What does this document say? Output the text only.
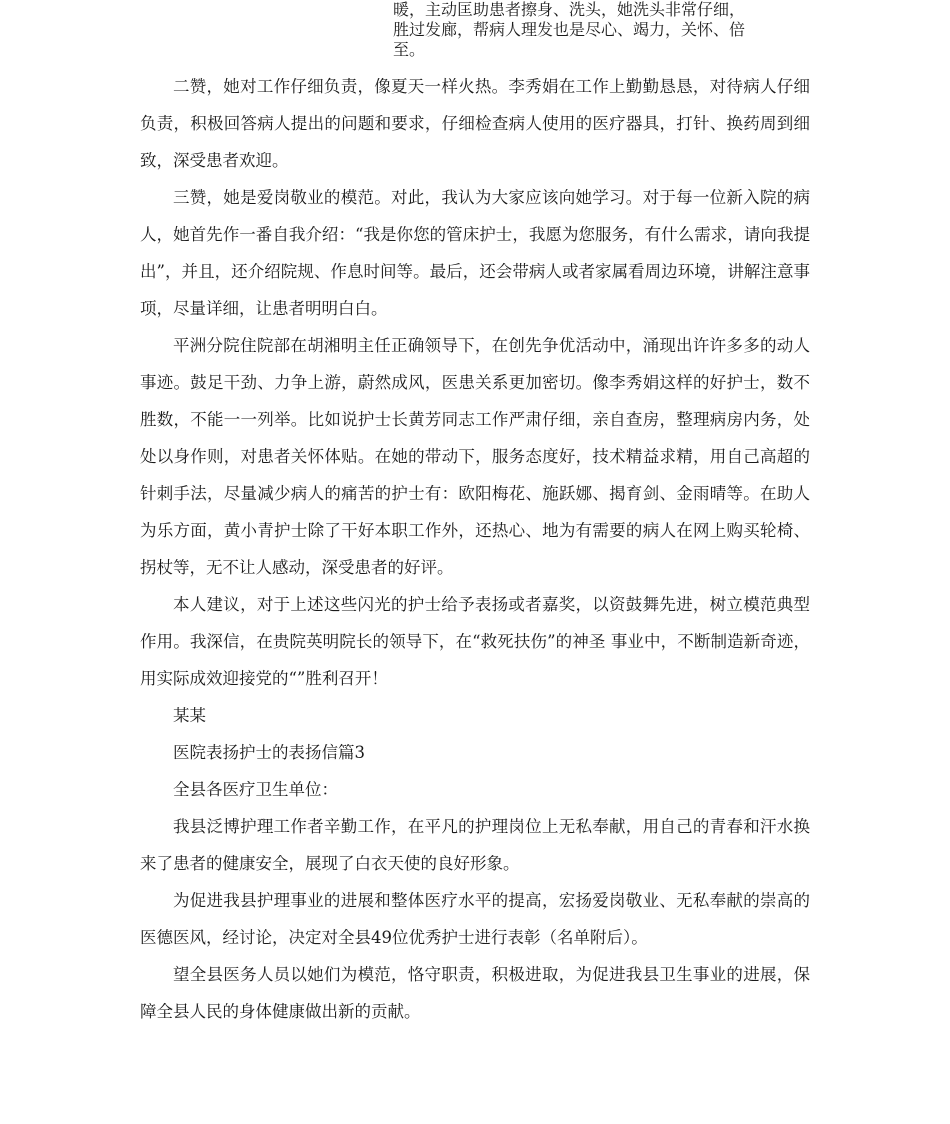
暖，主动匡助患者擦身、洗头，她洗头非常仔细，
胜过发廊，帮病人理发也是尽心、竭力，关怀、倍
至。

二赞，她对工作仔细负责，像夏天一样火热。李秀娟在工作上勤勤恳恳，对待病人仔细负责，积极回答病人提出的问题和要求，仔细检查病人使用的医疗器具，打针、换药周到细致，深受患者欢迎。

三赞，她是爱岗敬业的模范。对此，我认为大家应该向她学习。对于每一位新入院的病人，她首先作一番自我介绍：“我是你您的管床护士，我愿为您服务，有什么需求，请向我提出”，并且，还介绍院规、作息时间等。最后，还会带病人或者家属看周边环境，讲解注意事项，尽量详细，让患者明明白白。

平洲分院住院部在胡湘明主任正确领导下，在创先争优活动中，涌现出许许多多的动人事迹。鼓足干劲、力争上游，蔚然成风，医患关系更加密切。像李秀娟这样的好护士，数不胜数，不能一一列举。比如说护士长黄芳同志工作严肃仔细，亲自查房，整理病房内务，处处以身作则，对患者关怀体贴。在她的带动下，服务态度好，技术精益求精，用自己高超的针刺手法，尽量减少病人的痛苦的护士有：欧阳梅花、施跃娜、揭育剑、金雨晴等。在助人为乐方面，黄小青护士除了干好本职工作外，还热心、地为有需要的病人在网上购买轮椅、拐杖等，无不让人感动，深受患者的好评。

本人建议，对于上述这些闪光的护士给予表扬或者嘉奖，以资鼓舞先进，树立模范典型作用。我深信，在贵院英明院长的领导下，在“救死扶伤”的神圣 事业中，不断制造新奇迹，用实际成效迎接党的“”胜利召开！

某某

医院表扬护士的表扬信篇3

全县各医疗卫生单位：

我县泛博护理工作者辛勤工作，在平凡的护理岗位上无私奉献，用自己的青春和汗水换来了患者的健康安全，展现了白衣天使的良好形象。

为促进我县护理事业的进展和整体医疗水平的提高，宏扬爱岗敬业、无私奉献的崇高的医德医风，经讨论，决定对全县49位优秀护士进行表彰（名单附后）。

望全县医务人员以她们为模范，恪守职责，积极进取，为促进我县卫生事业的进展，保障全县人民的身体健康做出新的贡献。
